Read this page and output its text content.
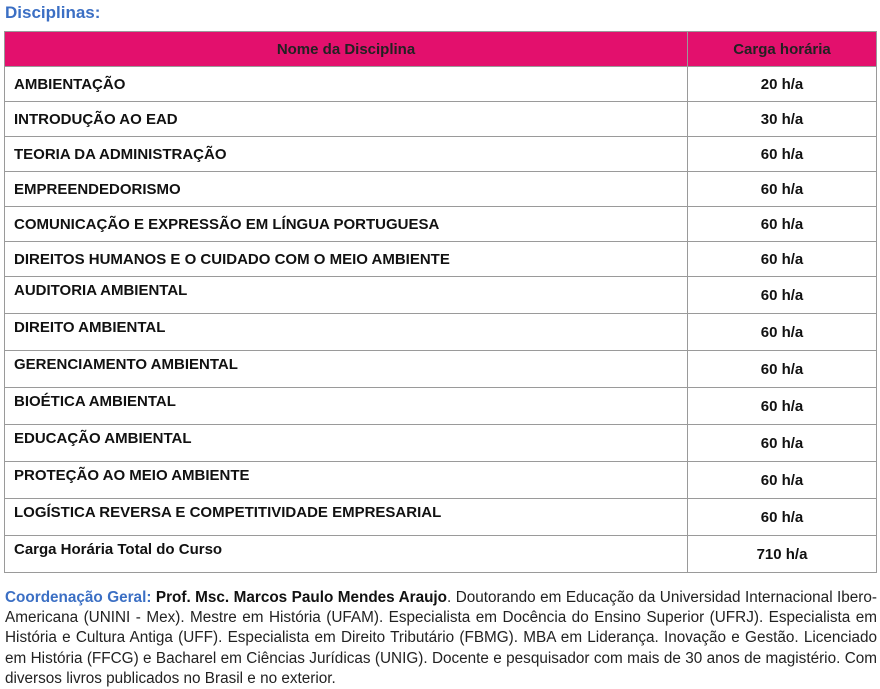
Disciplinas:
Nome da Disciplina	Carga horária
AMBIENTAÇÃO	20 h/a
INTRODUÇÃO AO EAD	30 h/a
TEORIA DA ADMINISTRAÇÃO	60 h/a
EMPREENDEDORISMO	60 h/a
COMUNICAÇÃO E EXPRESSÃO EM LÍNGUA PORTUGUESA	60 h/a
DIREITOS HUMANOS E O CUIDADO COM O MEIO AMBIENTE	60 h/a
AUDITORIA AMBIENTAL	60 h/a
DIREITO AMBIENTAL	60 h/a
GERENCIAMENTO AMBIENTAL	60 h/a
BIOÉTICA AMBIENTAL	60 h/a
EDUCAÇÃO AMBIENTAL	60 h/a
PROTEÇÃO AO MEIO AMBIENTE	60 h/a
LOGÍSTICA REVERSA E COMPETITIVIDADE EMPRESARIAL	60 h/a
Carga Horária Total do Curso	710 h/a
Coordenação Geral: Prof. Msc. Marcos Paulo Mendes Araujo. Doutorando em Educação da Universidad Internacional Ibero-Americana (UNINI - Mex). Mestre em História (UFAM). Especialista em Docência do Ensino Superior (UFRJ). Especialista em História e Cultura Antiga (UFF). Especialista em Direito Tributário (FBMG). MBA em Liderança. Inovação e Gestão. Licenciado em História (FFCG) e Bacharel em Ciências Jurídicas (UNIG). Docente e pesquisador com mais de 30 anos de magistério. Com diversos livros publicados no Brasil e no exterior.
